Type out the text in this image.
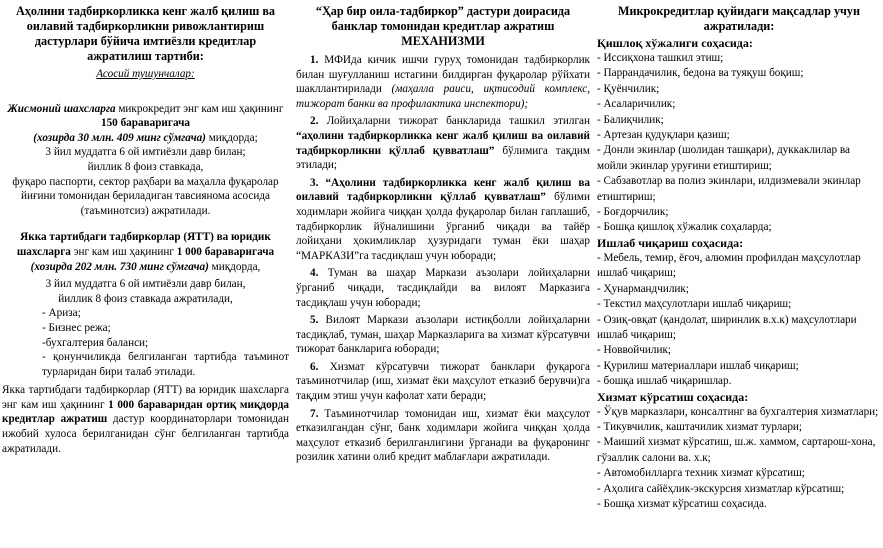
Аҳолини тадбиркорликка кенг жалб қилиш ва оилавий тадбиркорликни ривожлантириш дастурлари бўйича имтиёзли кредитлар ажратилиш тартиби:

Асосий тушунчалар:

Жисмоний шахсларга микрокредит энг кам иш ҳақининг 150 бараваригача
(хозирда 30 млн. 409 минг сўмгача) миқдорда;

3 йил муддатга 6 ой имтиёзли давр билан;

йиллик 8 фоиз ставкада,

фуқаро паспорти, сектор раҳбари ва маҳалла фуқаролар йиғини томонидан бериладиган тавсиянома асосида (таъминотсиз) ажратилади.

Якка тартибдаги тадбиркорлар (ЯТТ) ва юридик шахсларга энг кам иш ҳақининг 1 000 бараваригача (хозирда 202 млн. 730 минг сўмгача) миқдорда,

3 йил муддатга 6 ой имтиёзли давр билан,

йиллик 8 фоиз ставкада ажратилади,

- Ариза;

- Бизнес режа;

-бухгалтерия баланси;

- қонунчиликда белгиланган тартибда таъминот турларидан бири талаб этилади.

Якка тартибдаги тадбиркорлар (ЯТТ) ва юридик шахсларга энг кам иш ҳақининг 1 000 бараваридан ортиқ миқдорда кредитлар ажратиш дастур координаторлари томонидан ижобий хулоса берилганидан сўнг белгиланган тартибда ажратилади.

“Ҳар бир оила-тадбиркор” дастури доирасида банклар томонидан кредитлар ажратиш

МЕХАНИЗМИ

1. МФИда кичик ишчи гуруҳ томонидан тадбиркорлик билан шуғулланиш истагини билдирган фуқаролар рўйхати шакллантирилади (маҳалла раиси, иқтисодий комплекс, тижорат банки ва профилактика инспектори);

2. Лойиҳаларни тижорат банкларида ташкил этилган “аҳолини тадбиркорликка кенг жалб қилиш ва оилавий тадбиркорликни қўллаб қувватлаш” бўлимига тақдим этилади;

3. “Аҳолини тадбиркорликка кенг жалб қилиш ва оилавий тадбиркорликни қўллаб қувватлаш” бўлими ходимлари жойига чиққан ҳолда фуқаролар билан гаплашиб, тадбиркорлик йўналишини ўрганиб чиқади ва тайёр лойиҳани ҳокимликлар ҳузуридаги туман ёки шаҳар “МАРКАЗИ”га тасдиқлаш учун юборади;

4. Туман ва шаҳар Маркази аъзолари лойиҳаларни ўрганиб чиқади, тасдиқлайди ва вилоят Марказига тасдиқлаш учун юборади;

5. Вилоят Маркази аъзолари истиқболли лойиҳаларни тасдиқлаб, туман, шаҳар Марказларига ва хизмат кўрсатувчи тижорат банкларига юборади;

6. Хизмат кўрсатувчи тижорат банклари фуқарога таъминотчилар (иш, хизмат ёки маҳсулот етказиб берувчи)га тақдим этиш учун кафолат хати беради;

7. Таъминотчилар томонидан иш, хизмат ёки маҳсулот етказилгандан сўнг, банк ходимлари жойига чиққан ҳолда маҳсулот етказиб берилганлигини ўрганади ва фуқаронинг розилик хатини олиб кредит маблағлари ажратилади.

Микрокредитлар қуйидаги мақсадлар учун ажратилади:

Қишлоқ хўжалиги соҳасида:

- Иссиқхона ташкил этиш;

- Паррандачилик, бедона ва туяқуш боқиш;

- Қуёнчилик;

- Асаларичилик;

- Балиқчилик;

- Артезан қудуқлари қазиш;

- Донли экинлар (шолидан ташқари), дуккаклилар ва мойли экинлар уруғини етиштириш;

- Сабзавотлар ва полиз экинлари, илдизмевали экинлар етиштириш;

- Боғдорчилик;

- Бошқа қишлоқ хўжалик соҳаларда;

Ишлаб чиқариш соҳасида:

- Мебель, темир, ёғоч, алюмин профилдан маҳсулотлар ишлаб чиқариш;

- Ҳунармандчилик;

- Текстил маҳсулотлари ишлаб чиқариш;

- Озиқ-овқат (қандолат, ширинлик в.х.к) маҳсулотлари ишлаб чиқариш;

- Новвойчилик;

- Қурилиш материаллари ишлаб чиқариш;

- бошқа ишлаб чиқаришлар.

Хизмат кўрсатиш соҳасида:

- Ўқув марказлари, консалтинг ва бухгалтерия хизматлари;

- Тикувчилик, каштачилик хизмат турлари;

- Маиший хизмат кўрсатиш, ш.ж. хаммом, сартарош-хона, гўзаллик салони ва. х.к;

- Автомобилларга техник хизмат кўрсатиш;

- Аҳолига сайёҳлик-экскурсия хизматлар кўрсатиш;

- Бошқа хизмат кўрсатиш соҳасида.
